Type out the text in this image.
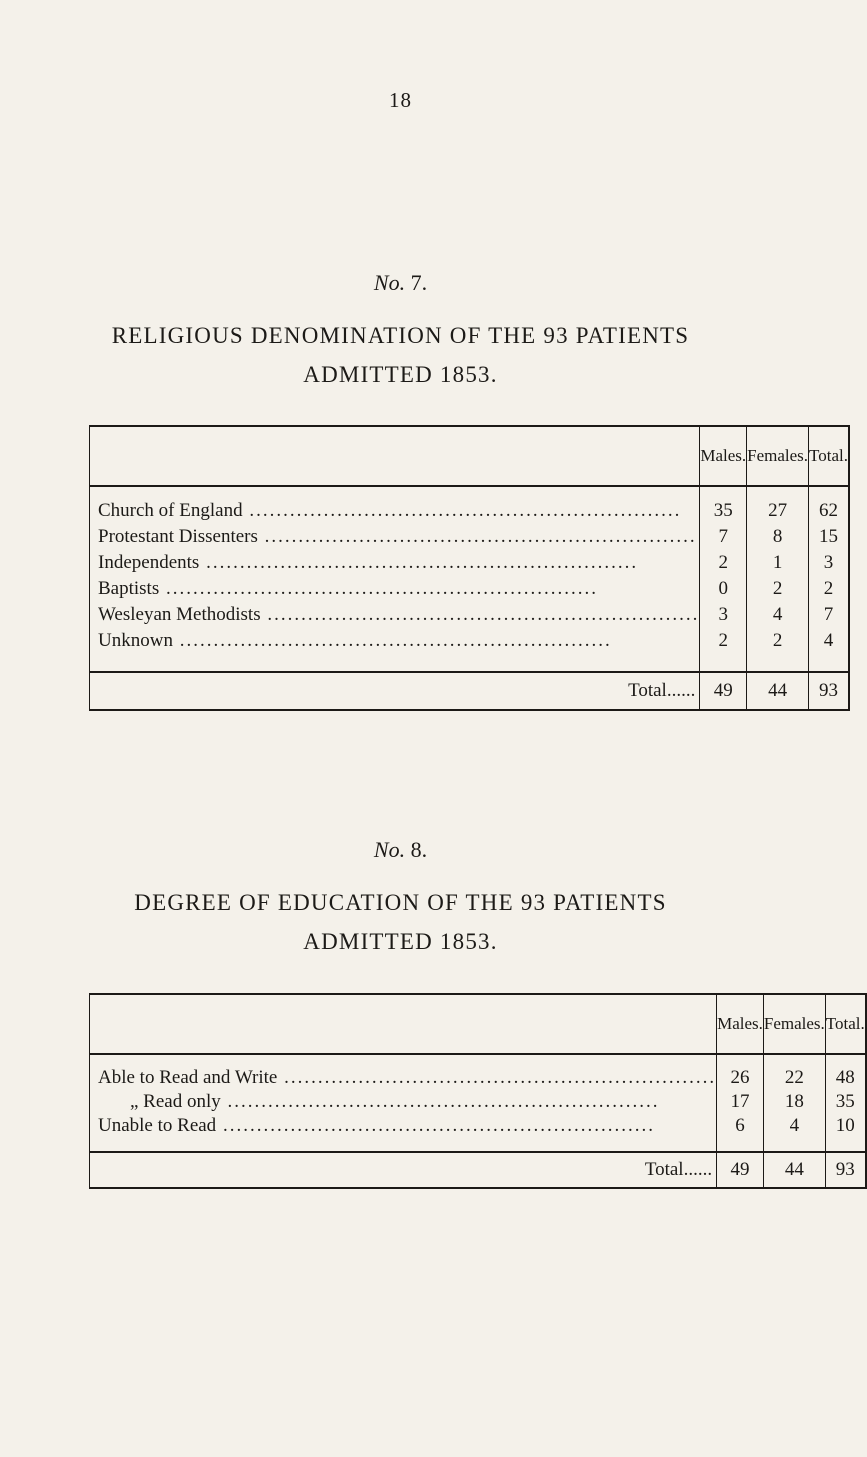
18

No. 7.

RELIGIOUS DENOMINATION OF THE 93 PATIENTS
ADMITTED 1853.
	Males.	Females.	Total.

Church of England .....	35	27	62
Protestant Dissenters .....	7	8	15
Independents .....	2	1	3
Baptists .....	0	2	2
Wesleyan Methodists .....	3	4	7
Unknown .....	2	2	4

Total......	49	44	93

No. 8.

DEGREE OF EDUCATION OF THE 93 PATIENTS
ADMITTED 1853.
	Males.	Females.	Total.

Able to Read and Write .....	26	22	48
„ Read only .....	17	18	35
Unable to Read .....	6	4	10

Total......	49	44	93
